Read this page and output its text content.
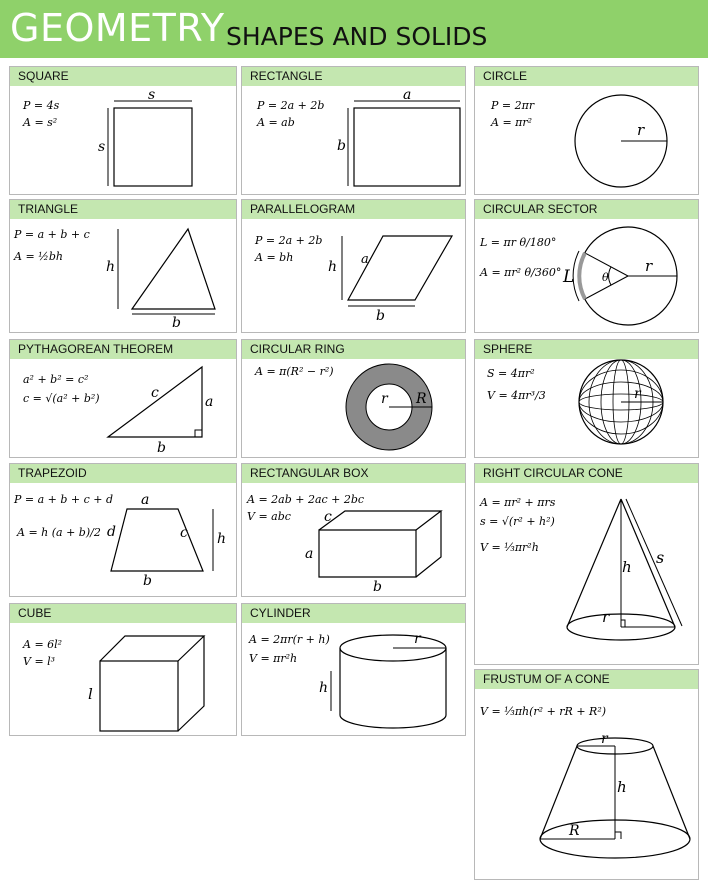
GEOMETRY SHAPES AND SOLIDS
SQUARE
P = 4s
A = s²
s
s
RECTANGLE
P = 2a + 2b
A = ab
a
b
CIRCLE
P = 2πr
A = πr²	r
TRIANGLE
P = a + b + c
A = ½bh
h
b
PARALLELOGRAM
P = 2a + 2b
A = bh	a
h
b
CIRCULAR SECTOR
L = πr θ/180°
A = πr² θ/360° L	θ
r
PYTHAGOREAN THEOREM
a² + b² = c²
c = √(a² + b²)	c
a
b
CIRCULAR RING
A = π(R² − r²)
r R
SPHERE
S = 4πr²
V = 4πr³/3	r
TRAPEZOID
P = a + b + c + d
A = h (a + b)/2
a
b
c
d	h
RECTANGULAR BOX
A = 2ab + 2ac + 2bc
V = abc c
a
b
RIGHT CIRCULAR CONE
A = πr² + πrs
s = √(r² + h²)
V = ⅓πr²h
h s
r
CUBE
A = 6l²
V = l³
l
CYLINDER
A = 2πr(r + h)
V = πr²h
r
h
FRUSTUM OF A CONE
V = ⅓πh(r² + rR + R²)
r
h
R
